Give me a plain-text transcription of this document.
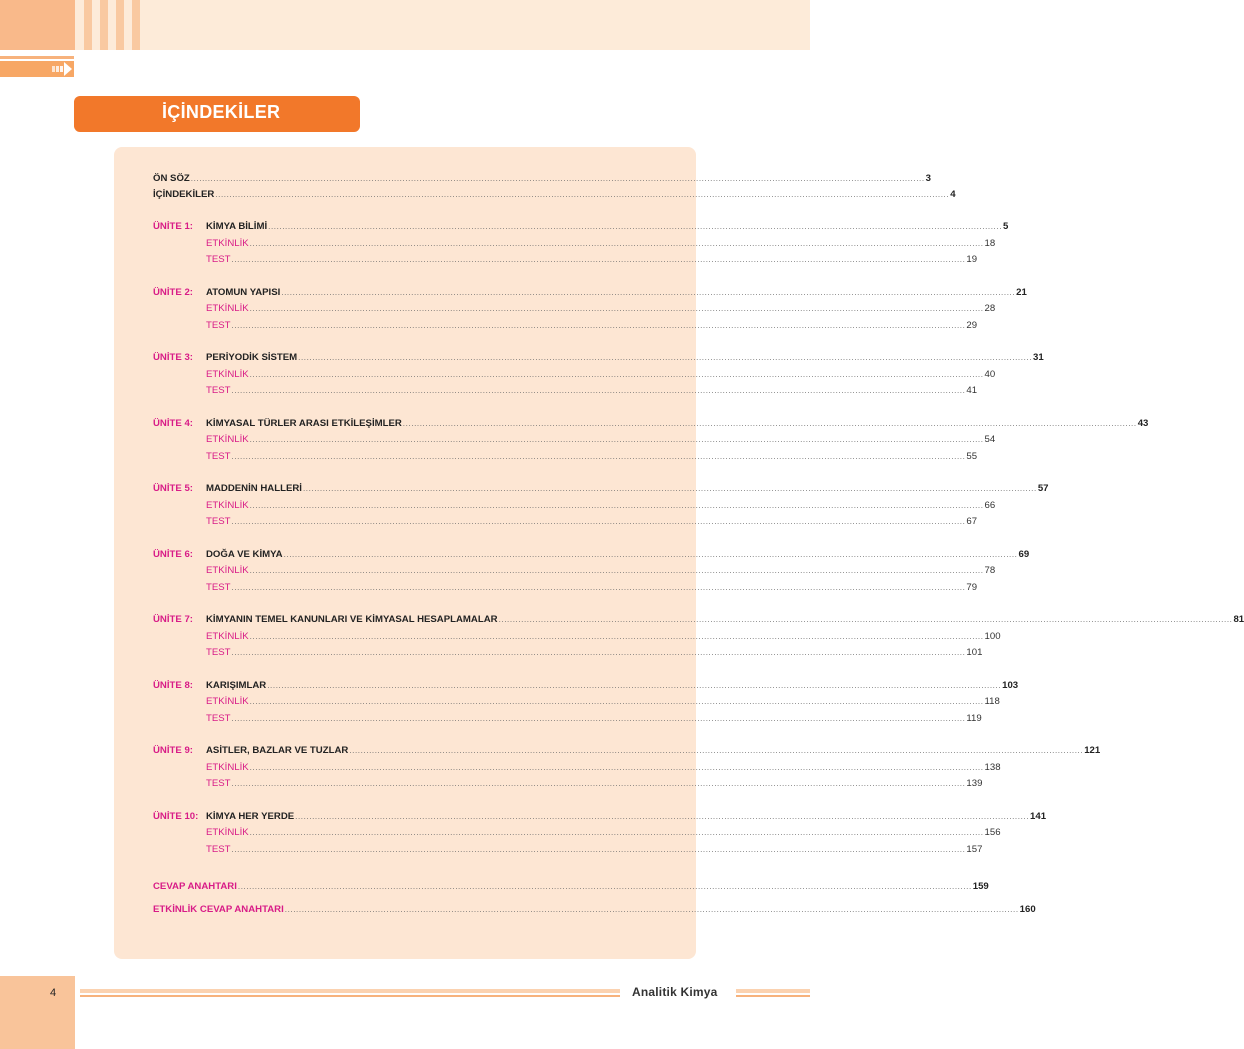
İÇİNDEKİLER
ÖN SÖZ .................................................................................................................................................................................................................................................................... 3
İÇİNDEKİLER .................................................................................................................................................................................................................................................................... 4
ÜNİTE 1:	KİMYA BİLİMİ .................................................................................................................................................................................................................................................................... 5
ETKİNLİK .................................................................................................................................................................................................................................................................... 18
TEST .................................................................................................................................................................................................................................................................... 19
ÜNİTE 2:	ATOMUN YAPISI .................................................................................................................................................................................................................................................................... 21
ETKİNLİK .................................................................................................................................................................................................................................................................... 28
TEST .................................................................................................................................................................................................................................................................... 29
ÜNİTE 3:	PERİYODİK SİSTEM .................................................................................................................................................................................................................................................................... 31
ETKİNLİK .................................................................................................................................................................................................................................................................... 40
TEST .................................................................................................................................................................................................................................................................... 41
ÜNİTE 4:	KİMYASAL TÜRLER ARASI ETKİLEŞİMLER .................................................................................................................................................................................................................................................................... 43
ETKİNLİK .................................................................................................................................................................................................................................................................... 54
TEST .................................................................................................................................................................................................................................................................... 55
ÜNİTE 5:	MADDENİN HALLERİ .................................................................................................................................................................................................................................................................... 57
ETKİNLİK .................................................................................................................................................................................................................................................................... 66
TEST .................................................................................................................................................................................................................................................................... 67
ÜNİTE 6:	DOĞA VE KİMYA .................................................................................................................................................................................................................................................................... 69
ETKİNLİK .................................................................................................................................................................................................................................................................... 78
TEST .................................................................................................................................................................................................................................................................... 79
ÜNİTE 7:	KİMYANIN TEMEL KANUNLARI VE KİMYASAL HESAPLAMALAR .................................................................................................................................................................................................................................................................... 81
ETKİNLİK .................................................................................................................................................................................................................................................................... 100
TEST .................................................................................................................................................................................................................................................................... 101
ÜNİTE 8:	KARIŞIMLAR .................................................................................................................................................................................................................................................................... 103
ETKİNLİK .................................................................................................................................................................................................................................................................... 118
TEST .................................................................................................................................................................................................................................................................... 119
ÜNİTE 9:	ASİTLER, BAZLAR VE TUZLAR .................................................................................................................................................................................................................................................................... 121
ETKİNLİK .................................................................................................................................................................................................................................................................... 138
TEST .................................................................................................................................................................................................................................................................... 139
ÜNİTE 10: KİMYA HER YERDE .................................................................................................................................................................................................................................................................... 141
ETKİNLİK .................................................................................................................................................................................................................................................................... 156
TEST .................................................................................................................................................................................................................................................................... 157
CEVAP ANAHTARI .................................................................................................................................................................................................................................................................... 159
ETKİNLİK CEVAP ANAHTARI .................................................................................................................................................................................................................................................................... 160
4	Analitik Kimya
